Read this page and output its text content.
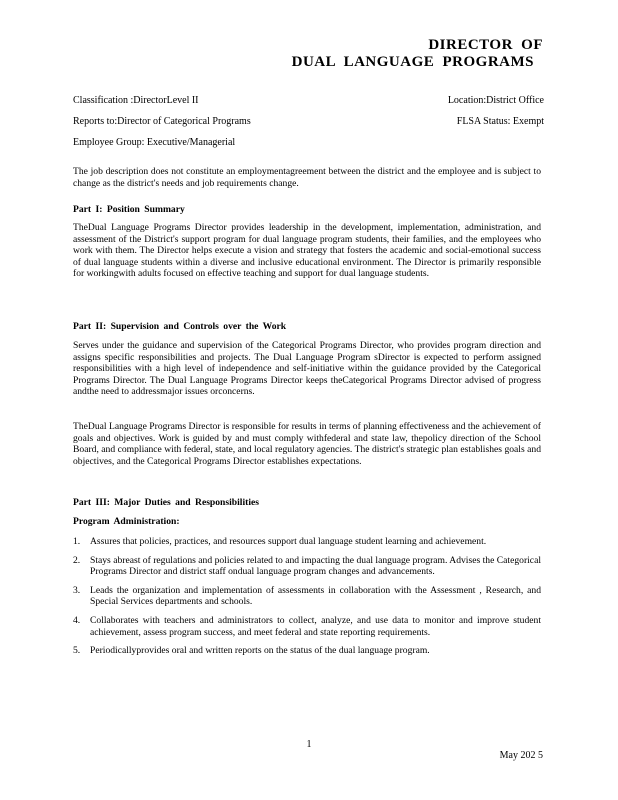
DIRECTOR OF
DUAL LANGUAGE PROGRAMS
Classification :DirectorLevel II	Location:District Office
Reports to:Director of Categorical Programs	FLSA Status: Exempt
Employee Group: Executive/Managerial

The job description does not constitute an employmentagreement between the district and the employee and is subject to change as the district's needs and job requirements change.

Part I: Position Summary

TheDual Language Programs Director provides leadership in the development, implementation, administration, and assessment of the District's support program for dual language program students, their families, and the employees who work with them. The Director helps execute a vision and strategy that fosters the academic and social-emotional success of dual language students within a diverse and inclusive educational environment. The Director is primarily responsible for workingwith adults focused on effective teaching and support for dual language students.

Part II: Supervision and Controls over the Work

Serves under the guidance and supervision of the Categorical Programs Director, who provides program direction and assigns specific responsibilities and projects. The Dual Language Program sDirector is expected to perform assigned responsibilities with a high level of independence and self-initiative within the guidance provided by the Categorical Programs Director. The Dual Language Programs Director keeps theCategorical Programs Director advised of progress andthe need to addressmajor issues orconcerns.

TheDual Language Programs Director is responsible for results in terms of planning effectiveness and the achievement of goals and objectives. Work is guided by and must comply withfederal and state law, thepolicy direction of the School Board, and compliance with federal, state, and local regulatory agencies. The district's strategic plan establishes goals and objectives, and the Categorical Programs Director establishes expectations.

Part III: Major Duties and Responsibilities

Program Administration:

1. Assures that policies, practices, and resources support dual language student learning and achievement.
2. Stays abreast of regulations and policies related to and impacting the dual language program. Advises the Categorical Programs Director and district staff ondual language program changes and advancements.
3. Leads the organization and implementation of assessments in collaboration with the Assessment , Research, and Special Services departments and schools.
4. Collaborates with teachers and administrators to collect, analyze, and use data to monitor and improve student achievement, assess program success, and meet federal and state reporting requirements.
5. Periodicallyprovides oral and written reports on the status of the dual language program.
1
May 202 5
